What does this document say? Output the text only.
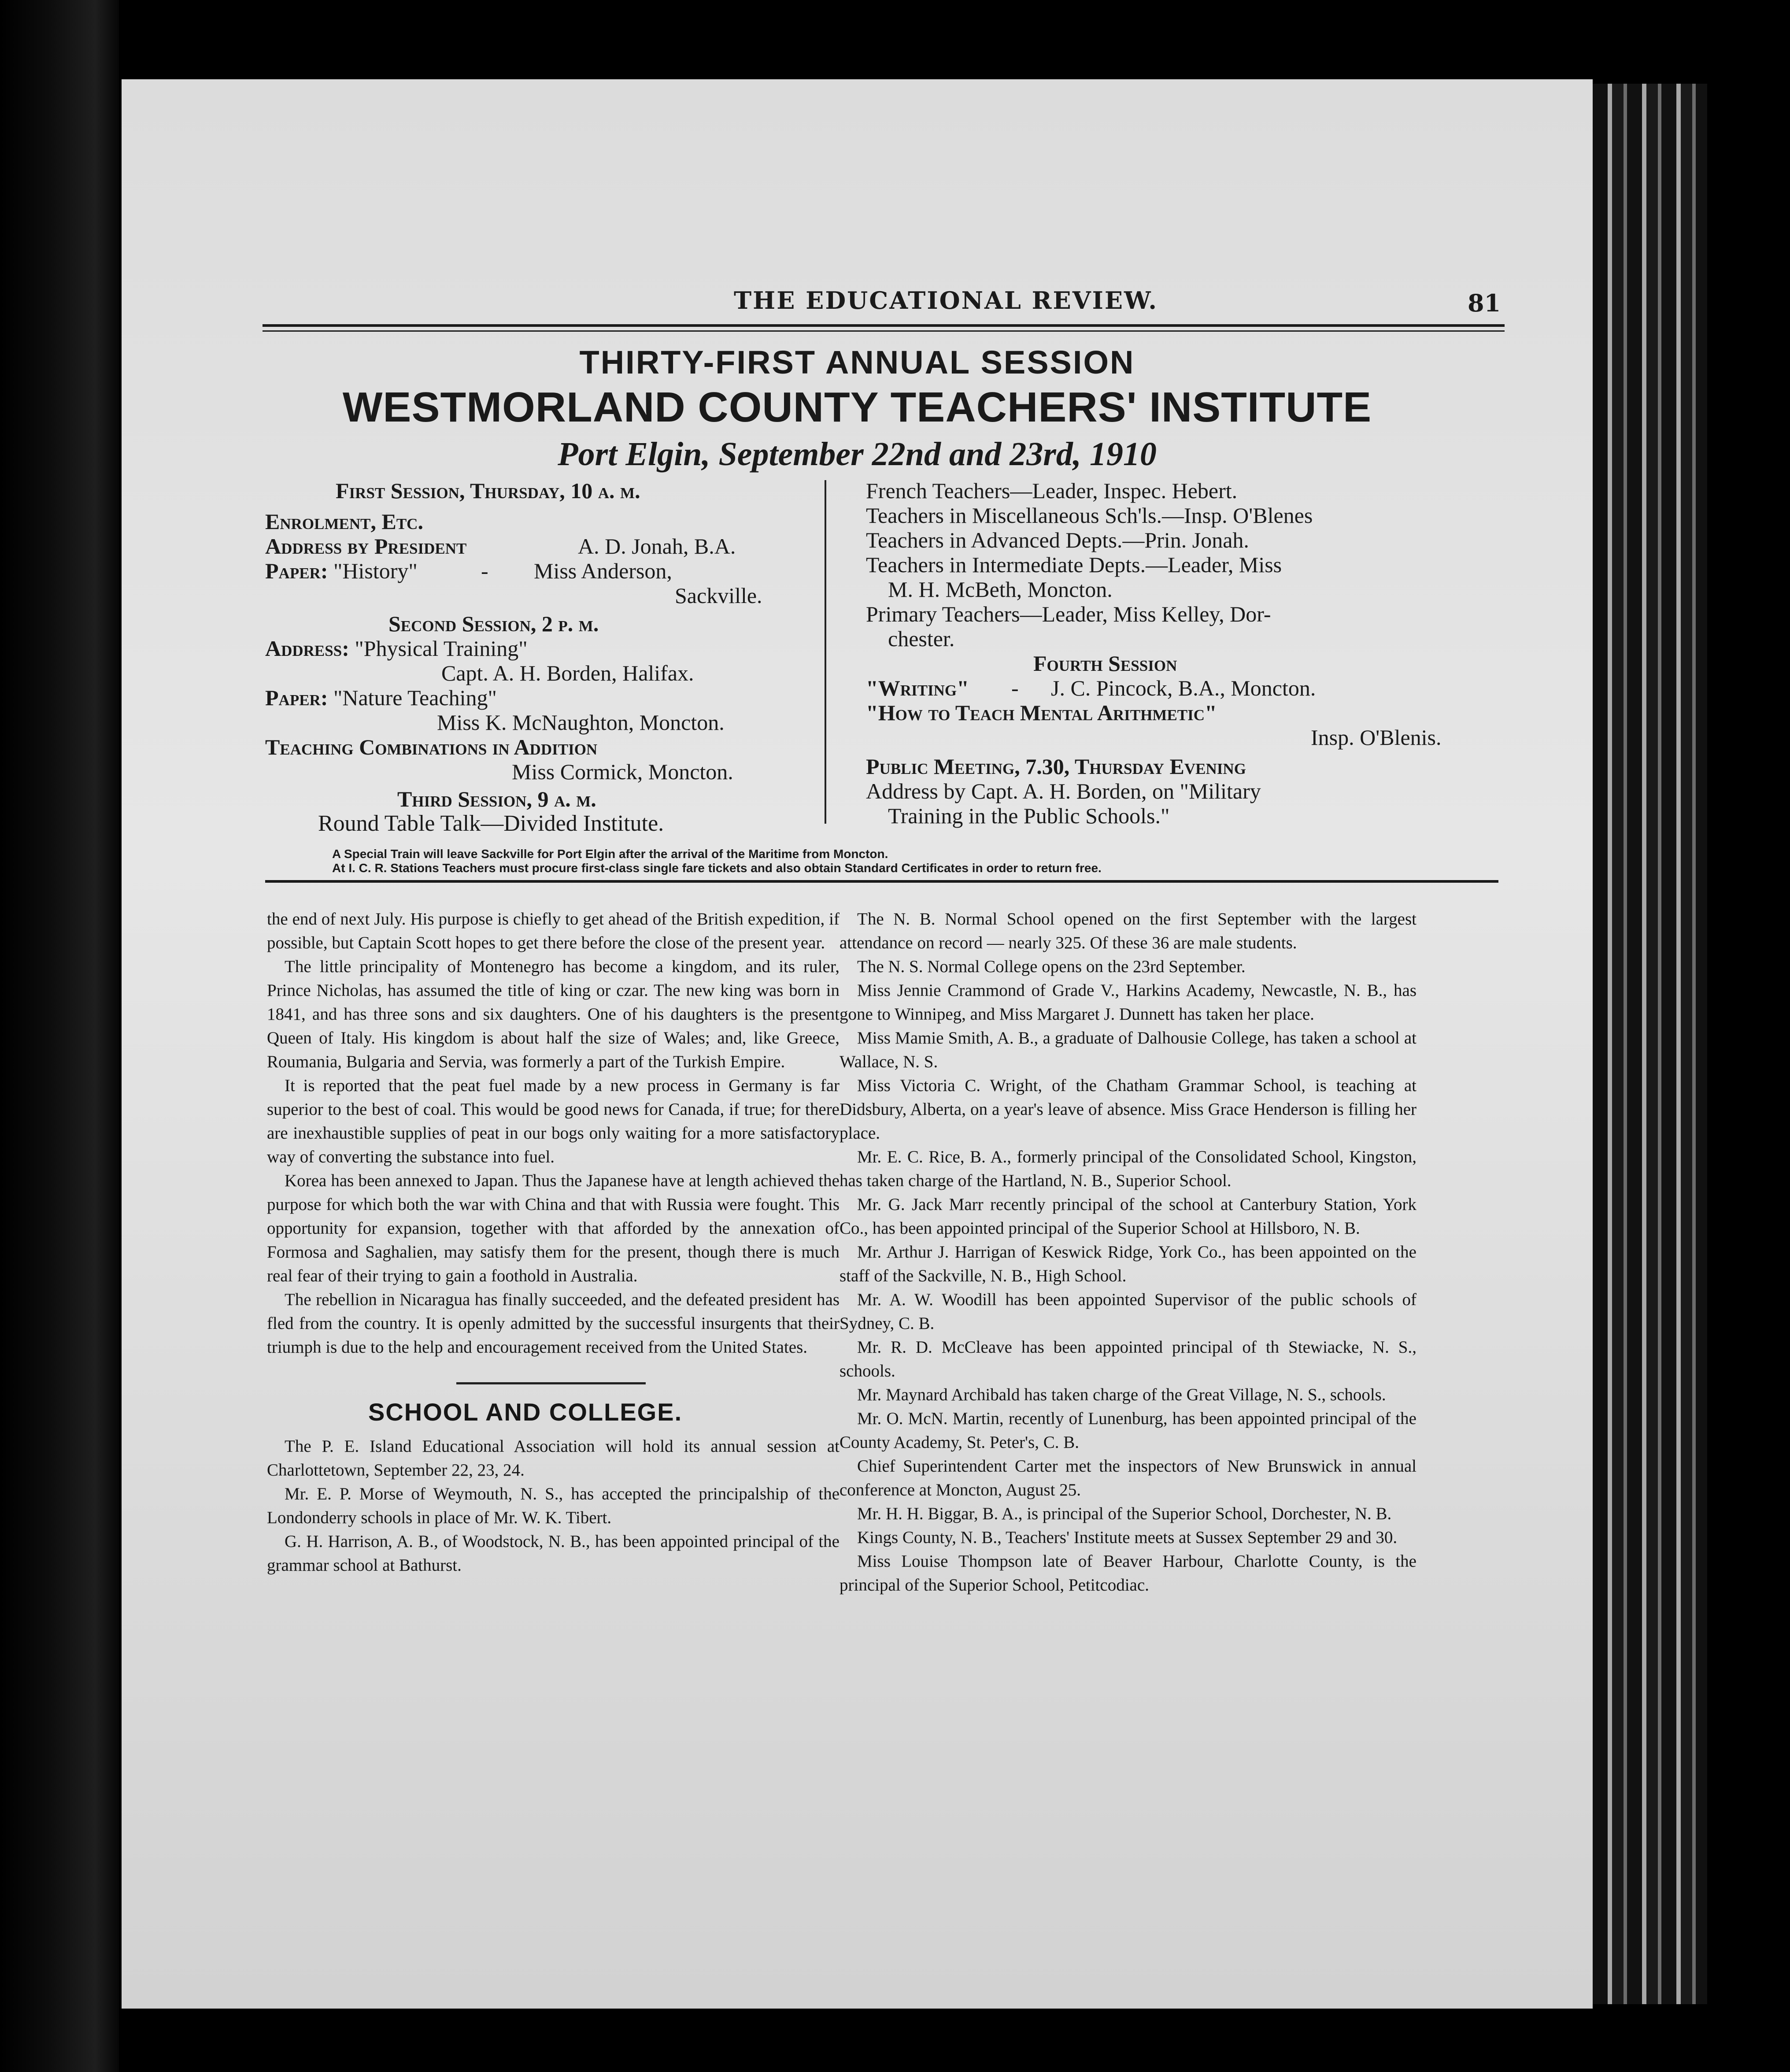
THE EDUCATIONAL REVIEW.	81
THIRTY-FIRST ANNUAL SESSION
WESTMORLAND COUNTY TEACHERS' INSTITUTE
Port Elgin, September 22nd and 23rd, 1910
First Session, Thursday, 10 a. m.
Enrolment, Etc.
Address by President	A. D. Jonah, B.A.
Paper: "History"	- Miss Anderson,
Sackville.
Second Session, 2 p. m.
Address: "Physical Training"
Capt. A. H. Borden, Halifax.
Paper: "Nature Teaching"
Miss K. McNaughton, Moncton.
Teaching Combinations in Addition
Miss Cormick, Moncton.
Third Session, 9 a. m.
Round Table Talk—Divided Institute.
French Teachers—Leader, Inspec. Hebert.
Teachers in Miscellaneous Sch'ls.—Insp. O'Blenes
Teachers in Advanced Depts.—Prin. Jonah.
Teachers in Intermediate Depts.—Leader, Miss
M. H. McBeth, Moncton.
Primary Teachers—Leader, Miss Kelley, Dor-
chester.
Fourth Session
"Writing" - J. C. Pincock, B.A., Moncton.
"How to Teach Mental Arithmetic"
Insp. O'Blenis.
Public Meeting, 7.30, Thursday Evening
Address by Capt. A. H. Borden, on "Military
Training in the Public Schools."
A Special Train will leave Sackville for Port Elgin after the arrival of the Maritime from Moncton.
At I. C. R. Stations Teachers must procure first-class single fare tickets and also obtain Standard Certificates in order to return free.

the end of next July. His purpose is chiefly to get ahead of the British expedition, if possible, but Captain Scott hopes to get there before the close of the present year.

The little principality of Montenegro has become a kingdom, and its ruler, Prince Nicholas, has assumed the title of king or czar. The new king was born in 1841, and has three sons and six daughters. One of his daughters is the present Queen of Italy. His kingdom is about half the size of Wales; and, like Greece, Roumania, Bulgaria and Servia, was formerly a part of the Turkish Empire.

It is reported that the peat fuel made by a new process in Germany is far superior to the best of coal. This would be good news for Canada, if true; for there are inexhaustible supplies of peat in our bogs only waiting for a more satisfactory way of converting the substance into fuel.

Korea has been annexed to Japan. Thus the Japanese have at length achieved the purpose for which both the war with China and that with Russia were fought. This opportunity for expansion, together with that afforded by the annexation of Formosa and Saghalien, may satisfy them for the present, though there is much real fear of their trying to gain a foothold in Australia.

The rebellion in Nicaragua has finally succeeded, and the defeated president has fled from the country. It is openly admitted by the successful insurgents that their triumph is due to the help and encouragement received from the United States.

SCHOOL AND COLLEGE.

The P. E. Island Educational Association will hold its annual session at Charlottetown, September 22, 23, 24.

Mr. E. P. Morse of Weymouth, N. S., has accepted the principalship of the Londonderry schools in place of Mr. W. K. Tibert.

G. H. Harrison, A. B., of Woodstock, N. B., has been appointed principal of the grammar school at Bathurst.

The N. B. Normal School opened on the first September with the largest attendance on record — nearly 325. Of these 36 are male students.

The N. S. Normal College opens on the 23rd September.

Miss Jennie Crammond of Grade V., Harkins Academy, Newcastle, N. B., has gone to Winnipeg, and Miss Margaret J. Dunnett has taken her place.

Miss Mamie Smith, A. B., a graduate of Dalhousie College, has taken a school at Wallace, N. S.

Miss Victoria C. Wright, of the Chatham Grammar School, is teaching at Didsbury, Alberta, on a year's leave of absence. Miss Grace Henderson is filling her place.

Mr. E. C. Rice, B. A., formerly principal of the Consolidated School, Kingston, has taken charge of the Hartland, N. B., Superior School.

Mr. G. Jack Marr recently principal of the school at Canterbury Station, York Co., has been appointed principal of the Superior School at Hillsboro, N. B.

Mr. Arthur J. Harrigan of Keswick Ridge, York Co., has been appointed on the staff of the Sackville, N. B., High School.

Mr. A. W. Woodill has been appointed Supervisor of the public schools of Sydney, C. B.

Mr. R. D. McCleave has been appointed principal of th Stewiacke, N. S., schools.

Mr. Maynard Archibald has taken charge of the Great Village, N. S., schools.

Mr. O. McN. Martin, recently of Lunenburg, has been appointed principal of the County Academy, St. Peter's, C. B.

Chief Superintendent Carter met the inspectors of New Brunswick in annual conference at Moncton, August 25.

Mr. H. H. Biggar, B. A., is principal of the Superior School, Dorchester, N. B.

Kings County, N. B., Teachers' Institute meets at Sussex September 29 and 30.

Miss Louise Thompson late of Beaver Harbour, Charlotte County, is the principal of the Superior School, Petitcodiac.
